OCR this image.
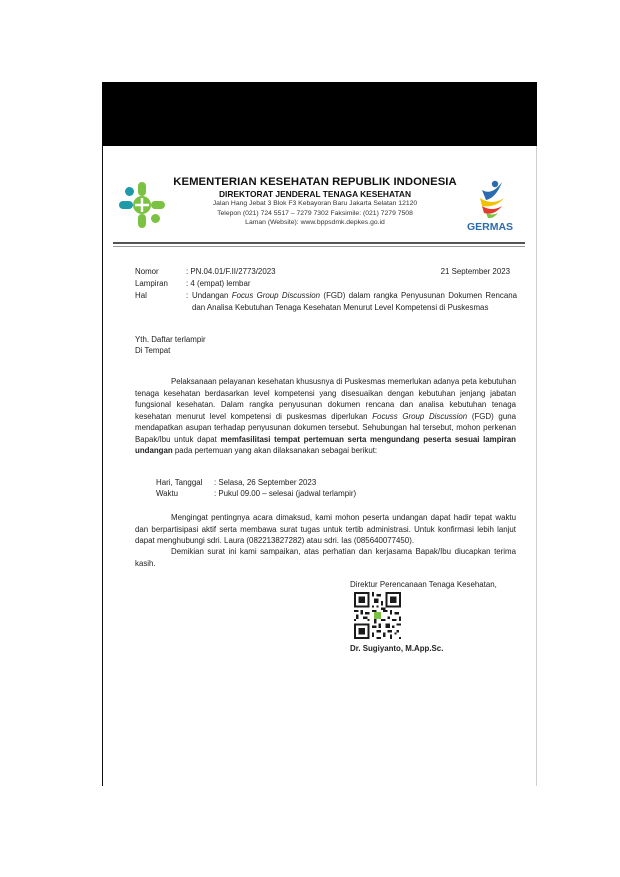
KEMENTERIAN KESEHATAN REPUBLIK INDONESIA
DIREKTORAT JENDERAL TENAGA KESEHATAN
Jalan Hang Jebat 3 Blok F3 Kebayoran Baru Jakarta Selatan 12120
Telepon (021) 724 5517 – 7279 7302 Faksimile: (021) 7279 7508
Laman (Website): www.bppsdmk.depkes.go.id	GERMAS
Nomor	: PN.04.01/F.II/2773/2023	21 September 2023
Lampiran : 4 (empat) lembar
Hal	: Undangan Focus Group Discussion (FGD) dalam rangka Penyusunan Dokumen Rencana dan Analisa Kebutuhan Tenaga Kesehatan Menurut Level Kompetensi di Puskesmas
Yth. Daftar terlampir
Di Tempat
Pelaksanaan pelayanan kesehatan khususnya di Puskesmas memerlukan adanya peta kebutuhan tenaga kesehatan berdasarkan level kompetensi yang disesuaikan dengan kebutuhan jenjang jabatan fungsional kesehatan. Dalam rangka penyusunan dokumen rencana dan analisa kebutuhan tenaga kesehatan menurut level kompetensi di puskesmas diperlukan Focuss Group Discussion (FGD) guna mendapatkan asupan terhadap penyusunan dokumen tersebut. Sehubungan hal tersebut, mohon perkenan Bapak/Ibu untuk dapat memfasilitasi tempat pertemuan serta mengundang peserta sesuai lampiran undangan pada pertemuan yang akan dilaksanakan sebagai berikut:
Hari, Tanggal : Selasa, 26 September 2023
Waktu	: Pukul 09.00 – selesai (jadwal terlampir)
Mengingat pentingnya acara dimaksud, kami mohon peserta undangan dapat hadir tepat waktu dan berpartisipasi aktif serta membawa surat tugas untuk tertib administrasi. Untuk konfirmasi lebih lanjut dapat menghubungi sdri. Laura (082213827282) atau sdri. Ias (085640077450).
Demikian surat ini kami sampaikan, atas perhatian dan kerjasama Bapak/Ibu diucapkan terima kasih.
Direktur Perencanaan Tenaga Kesehatan,
Dr. Sugiyanto, M.App.Sc.
